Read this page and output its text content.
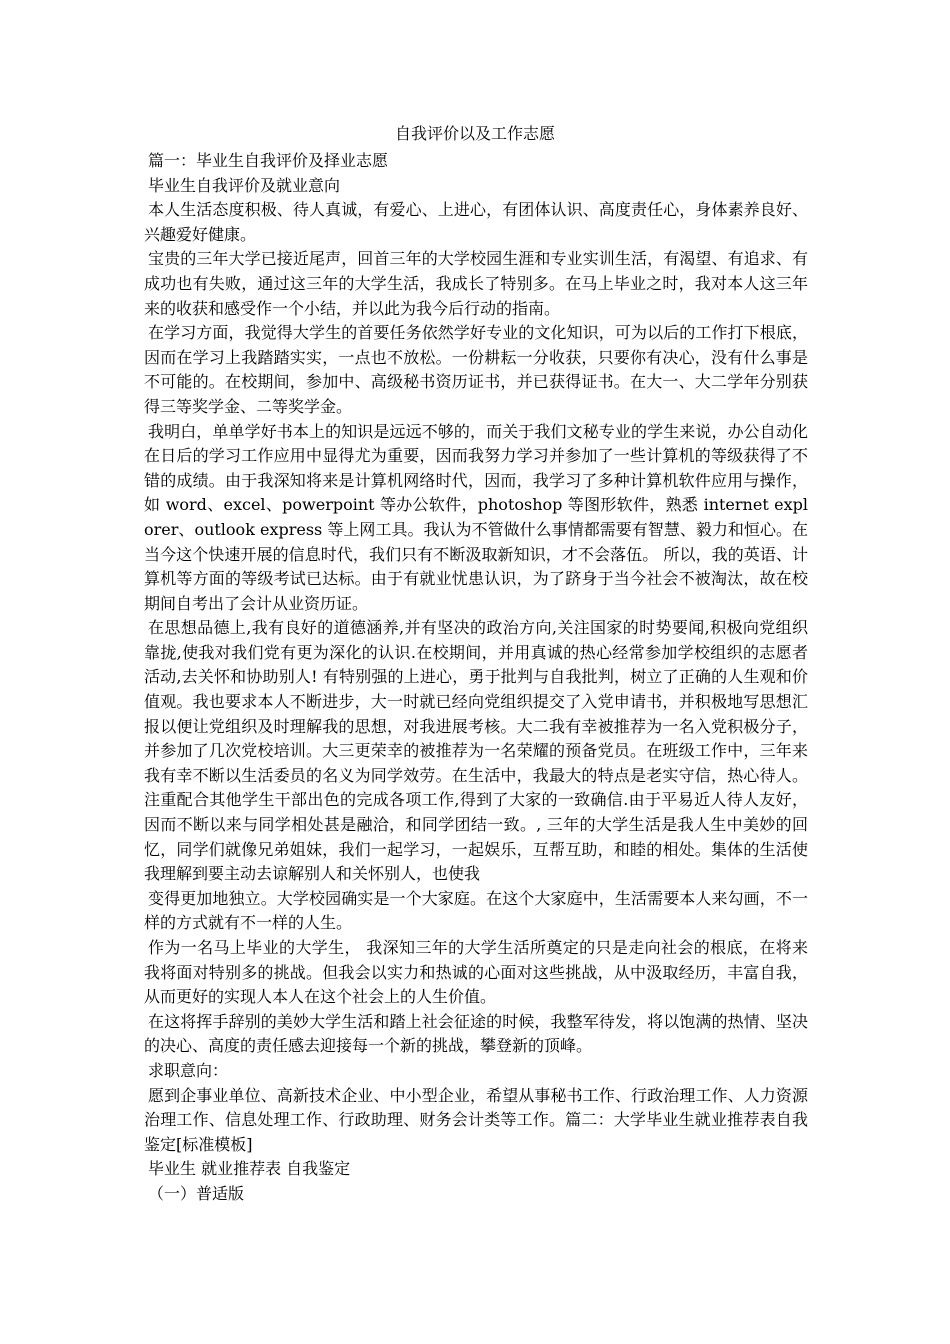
自我评价以及工作志愿

篇一：毕业生自我评价及择业志愿

毕业生自我评价及就业意向

本人生活态度积极、待人真诚，有爱心、上进心，有团体认识、高度责任心，身体素养良好、兴趣爱好健康。

宝贵的三年大学已接近尾声，回首三年的大学校园生涯和专业实训生活，有渴望、有追求、有成功也有失败，通过这三年的大学生活，我成长了特别多。在马上毕业之时，我对本人这三年来的收获和感受作一个小结，并以此为我今后行动的指南。

在学习方面，我觉得大学生的首要任务依然学好专业的文化知识，可为以后的工作打下根底，因而在学习上我踏踏实实，一点也不放松。一份耕耘一分收获，只要你有决心，没有什么事是不可能的。在校期间，参加中、高级秘书资历证书，并已获得证书。在大一、大二学年分别获得三等奖学金、二等奖学金。

我明白，单单学好书本上的知识是远远不够的，而关于我们文秘专业的学生来说，办公自动化在日后的学习工作应用中显得尤为重要，因而我努力学习并参加了一些计算机的等级获得了不错的成绩。由于我深知将来是计算机网络时代，因而，我学习了多种计算机软件应用与操作，如 word、excel、powerpoint 等办公软件，photoshop 等图形软件，熟悉 internet explorer、outlook express 等上网工具。我认为不管做什么事情都需要有智慧、毅力和恒心。在当今这个快速开展的信息时代，我们只有不断汲取新知识，才不会落伍。 所以，我的英语、计算机等方面的等级考试已达标。由于有就业忧患认识，为了跻身于当今社会不被淘汰，故在校期间自考出了会计从业资历证。

在思想品德上,我有良好的道德涵养,并有坚决的政治方向,关注国家的时势要闻,积极向党组织靠拢,使我对我们党有更为深化的认识.在校期间，并用真诚的热心经常参加学校组织的志愿者活动,去关怀和协助别人! 有特别强的上进心，勇于批判与自我批判，树立了正确的人生观和价值观。我也要求本人不断进步，大一时就已经向党组织提交了入党申请书，并积极地写思想汇报以便让党组织及时理解我的思想，对我进展考核。大二我有幸被推荐为一名入党积极分子，并参加了几次党校培训。大三更荣幸的被推荐为一名荣耀的预备党员。在班级工作中，三年来我有幸不断以生活委员的名义为同学效劳。在生活中，我最大的特点是老实守信，热心待人。注重配合其他学生干部出色的完成各项工作,得到了大家的一致确信.由于平易近人待人友好，因而不断以来与同学相处甚是融洽，和同学团结一致。, 三年的大学生活是我人生中美妙的回忆，同学们就像兄弟姐妹，我们一起学习，一起娱乐，互帮互助，和睦的相处。集体的生活使我理解到要主动去谅解别人和关怀别人，也使我

变得更加地独立。大学校园确实是一个大家庭。在这个大家庭中，生活需要本人来勾画，不一样的方式就有不一样的人生。

作为一名马上毕业的大学生， 我深知三年的大学生活所奠定的只是走向社会的根底，在将来我将面对特别多的挑战。但我会以实力和热诚的心面对这些挑战，从中汲取经历，丰富自我，从而更好的实现人本人在这个社会上的人生价值。

在这将挥手辞别的美妙大学生活和踏上社会征途的时候，我整军待发，将以饱满的热情、坚决的决心、高度的责任感去迎接每一个新的挑战，攀登新的顶峰。

求职意向：

愿到企事业单位、高新技术企业、中小型企业，希望从事秘书工作、行政治理工作、人力资源治理工作、信息处理工作、行政助理、财务会计类等工作。篇二：大学毕业生就业推荐表自我鉴定[标准模板]

毕业生 就业推荐表 自我鉴定

（一）普适版
